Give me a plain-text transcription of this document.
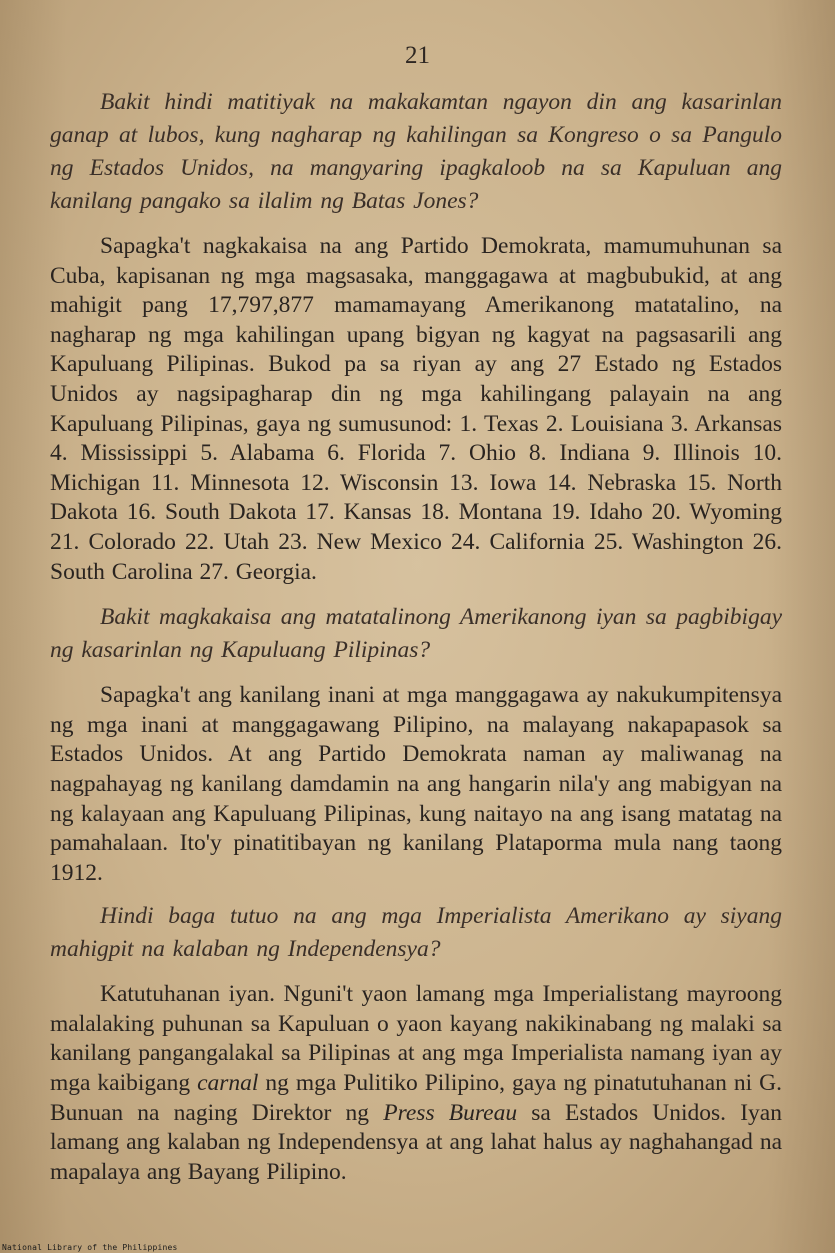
21

Bakit hindi matitiyak na makakamtan ngayon din ang kasarinlan ganap at lubos, kung nagharap ng kahilingan sa Kongreso o sa Pangulo ng Estados Unidos, na mangyaring ipagkaloob na sa Kapuluan ang kanilang pangako sa ilalim ng Batas Jones?

Sapagka't nagkakaisa na ang Partido Demokrata, mamumuhunan sa Cuba, kapisanan ng mga magsasaka, manggagawa at magbubukid, at ang mahigit pang 17,797,877 mamamayang Amerikanong matatalino, na nagharap ng mga kahilingan upang bigyan ng kagyat na pagsasarili ang Kapuluang Pilipinas. Bukod pa sa riyan ay ang 27 Estado ng Estados Unidos ay nagsipagharap din ng mga kahilingang palayain na ang Kapuluang Pilipinas, gaya ng sumusunod: 1. Texas 2. Louisiana 3. Arkansas 4. Mississippi 5. Alabama 6. Florida 7. Ohio 8. Indiana 9. Illinois 10. Michigan 11. Minnesota 12. Wisconsin 13. Iowa 14. Nebraska 15. North Dakota 16. South Dakota 17. Kansas 18. Montana 19. Idaho 20. Wyoming 21. Colorado 22. Utah 23. New Mexico 24. California 25. Washington 26. South Carolina 27. Georgia.

Bakit magkakaisa ang matatalinong Amerikanong iyan sa pagbibigay ng kasarinlan ng Kapuluang Pilipinas?

Sapagka't ang kanilang inani at mga manggagawa ay nakukumpitensya ng mga inani at manggagawang Pilipino, na malayang nakapapasok sa Estados Unidos. At ang Partido Demokrata naman ay maliwanag na nagpahayag ng kanilang damdamin na ang hangarin nila'y ang mabigyan na ng kalayaan ang Kapuluang Pilipinas, kung naitayo na ang isang matatag na pamahalaan. Ito'y pinatitibayan ng kanilang Plataporma mula nang taong 1912.

Hindi baga tutuo na ang mga Imperialista Amerikano ay siyang mahigpit na kalaban ng Independensya?

Katutuhanan iyan. Nguni't yaon lamang mga Imperialistang mayroong malalaking puhunan sa Kapuluan o yaon kayang nakikinabang ng malaki sa kanilang pangangalakal sa Pilipinas at ang mga Imperialista namang iyan ay mga kaibigang carnal ng mga Pulitiko Pilipino, gaya ng pinatutuhanan ni G. Bunuan na naging Direktor ng Press Bureau sa Estados Unidos. Iyan lamang ang kalaban ng Independensya at ang lahat halus ay naghahangad na mapalaya ang Bayang Pilipino.

National Library of the Philippines
